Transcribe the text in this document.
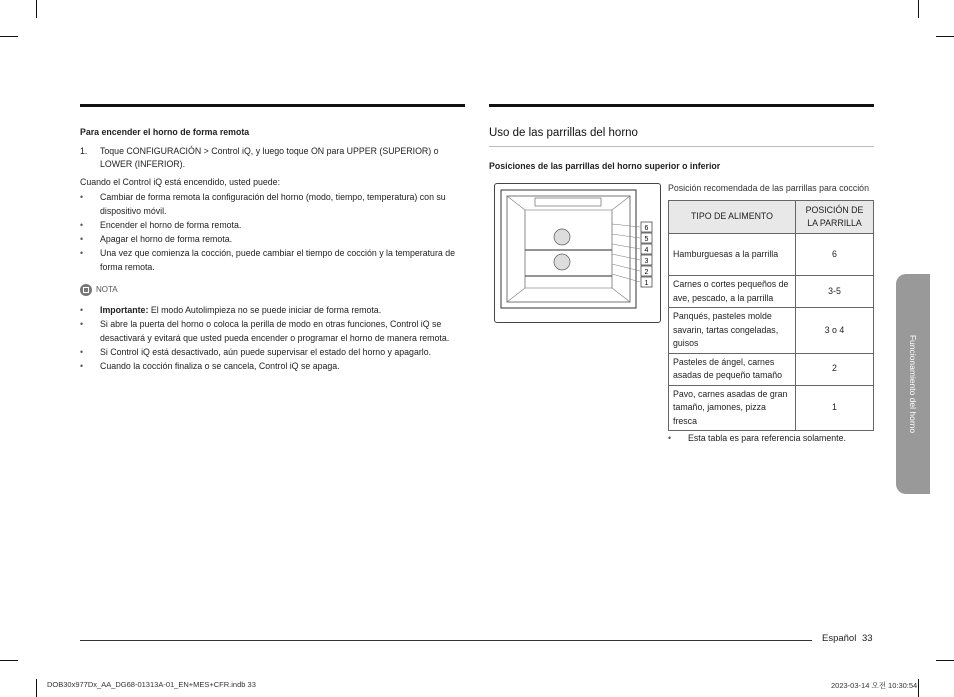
Para encender el horno de forma remota
1.	Toque CONFIGURACIÓN > Control iQ, y luego toque ON para UPPER (SUPERIOR) o LOWER (INFERIOR).
Cuando el Control iQ está encendido, usted puede:
•	Cambiar de forma remota la configuración del horno (modo, tiempo, temperatura) con su dispositivo móvil.
•	Encender el horno de forma remota.
•	Apagar el horno de forma remota.
•	Una vez que comienza la cocción, puede cambiar el tiempo de cocción y la temperatura de forma remota.
NOTA
•	Importante: El modo Autolimpieza no se puede iniciar de forma remota.
•	Si abre la puerta del horno o coloca la perilla de modo en otras funciones, Control iQ se desactivará y evitará que usted pueda encender o programar el horno de manera remota.
•	Si Control iQ está desactivado, aún puede supervisar el estado del horno y apagarlo.
•	Cuando la cocción finaliza o se cancela, Control iQ se apaga.
Uso de las parrillas del horno
Posiciones de las parrillas del horno superior o inferior
6
5
4
3
2
1
Posición recomendada de las parrillas para cocción
TIPO DE ALIMENTO	POSICIÓN DE LA PARRILLA
Hamburguesas a la parrilla	6
Carnes o cortes pequeños de ave, pescado, a la parrilla	3-5
Panqués, pasteles molde savarin, tartas congeladas, guisos	3 o 4
Pasteles de ángel, carnes asadas de pequeño tamaño	2
Pavo, carnes asadas de gran tamaño, jamones, pizza fresca	1
•	Esta tabla es para referencia solamente.
Funcionamiento del horno
Español 33
DOB30x977Dx_AA_DG68-01313A-01_EN+MES+CFR.indb 33	2023-03-14 오전 10:30:54
